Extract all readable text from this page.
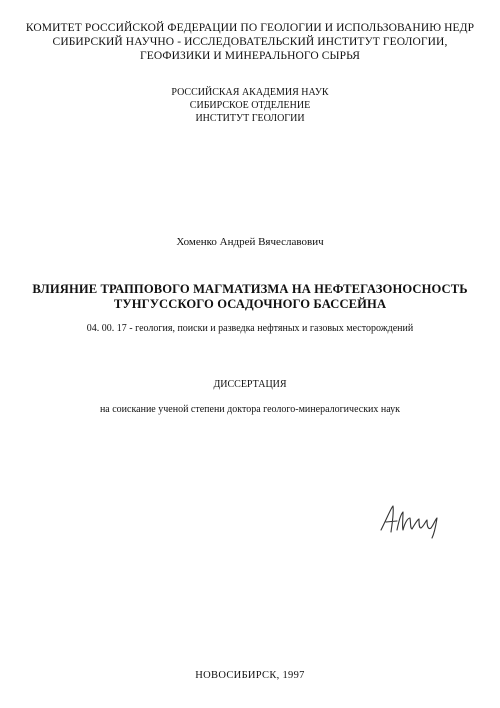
КОМИТЕТ РОССИЙСКОЙ ФЕДЕРАЦИИ ПО ГЕОЛОГИИ И ИСПОЛЬЗОВАНИЮ НЕДР
СИБИРСКИЙ НАУЧНО - ИССЛЕДОВАТЕЛЬСКИЙ ИНСТИТУТ ГЕОЛОГИИ,
ГЕОФИЗИКИ И МИНЕРАЛЬНОГО СЫРЬЯ
РОССИЙСКАЯ АКАДЕМИЯ НАУК
СИБИРСКОЕ ОТДЕЛЕНИЕ
ИНСТИТУТ ГЕОЛОГИИ
Хоменко Андрей Вячеславович
ВЛИЯНИЕ ТРАППОВОГО МАГМАТИЗМА НА НЕФТЕГАЗОНОСНОСТЬ
ТУНГУССКОГО ОСАДОЧНОГО БАССЕЙНА
04. 00. 17 - геология, поиски и разведка нефтяных и газовых месторождений
ДИССЕРТАЦИЯ
на соискание ученой степени доктора геолого-минералогических наук
НОВОСИБИРСК, 1997
